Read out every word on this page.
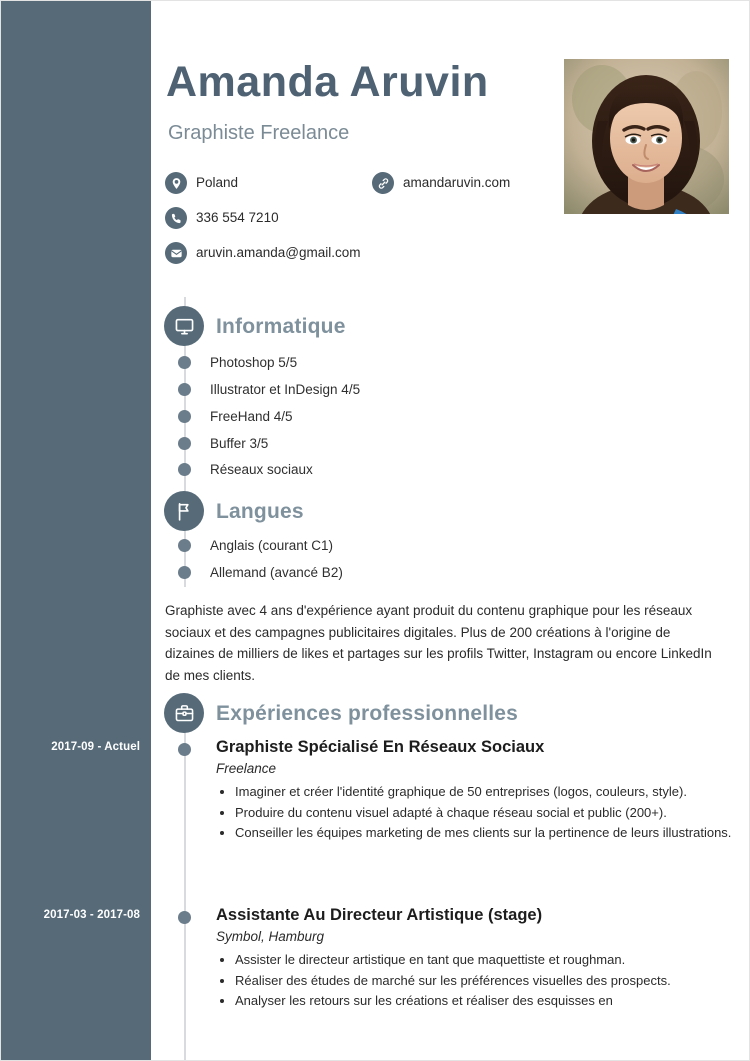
2017-09 - Actuel
2017-03 - 2017-08
Amanda Aruvin
Graphiste Freelance
Poland	amandaruvin.com
336 554 7210
aruvin.amanda@gmail.com
Informatique
Photoshop 5/5
Illustrator et InDesign 4/5
FreeHand 4/5
Buffer 3/5
Réseaux sociaux
Langues
Anglais (courant C1)
Allemand (avancé B2)
Graphiste avec 4 ans d'expérience ayant produit du contenu graphique pour les réseaux sociaux et des campagnes publicitaires digitales. Plus de 200 créations à l'origine de dizaines de milliers de likes et partages sur les profils Twitter, Instagram ou encore LinkedIn de mes clients.
Expériences professionnelles
Graphiste Spécialisé En Réseaux Sociaux
Freelance
Imaginer et créer l'identité graphique de 50 entreprises (logos, couleurs, style).
Produire du contenu visuel adapté à chaque réseau social et public (200+).
Conseiller les équipes marketing de mes clients sur la pertinence de leurs illustrations.
Assistante Au Directeur Artistique (stage)
Symbol, Hamburg
Assister le directeur artistique en tant que maquettiste et roughman.
Réaliser des études de marché sur les préférences visuelles des prospects.
Analyser les retours sur les créations et réaliser des esquisses en
